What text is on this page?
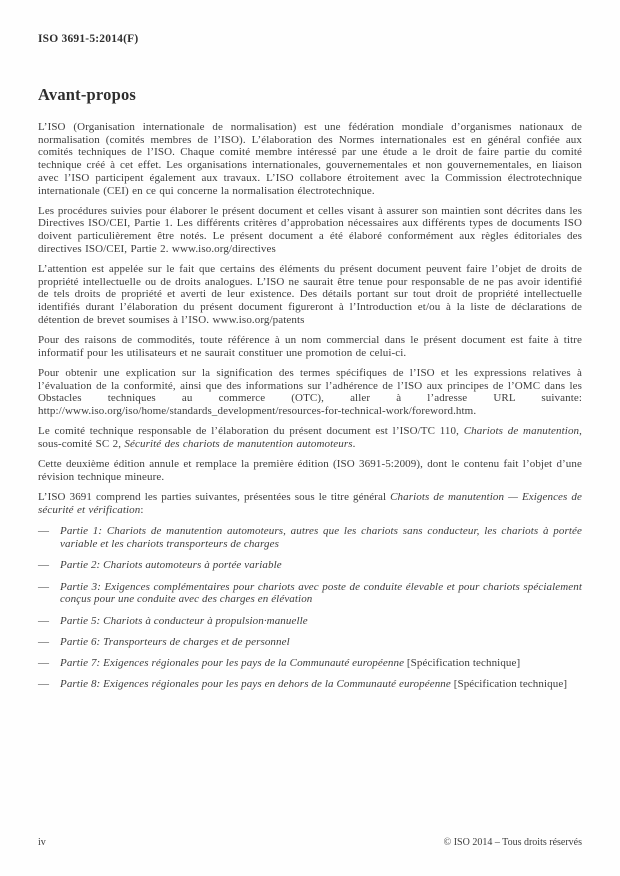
ISO 3691-5:2014(F)
Avant-propos

L’ISO (Organisation internationale de normalisation) est une fédération mondiale d’organismes nationaux de normalisation (comités membres de l’ISO). L’élaboration des Normes internationales est en général confiée aux comités techniques de l’ISO. Chaque comité membre intéressé par une étude a le droit de faire partie du comité technique créé à cet effet. Les organisations internationales, gouvernementales et non gouvernementales, en liaison avec l’ISO participent également aux travaux. L’ISO collabore étroitement avec la Commission électrotechnique internationale (CEI) en ce qui concerne la normalisation électrotechnique.

Les procédures suivies pour élaborer le présent document et celles visant à assurer son maintien sont décrites dans les Directives ISO/CEI, Partie 1. Les différents critères d’approbation nécessaires aux différents types de documents ISO doivent particulièrement être notés. Le présent document a été élaboré conformément aux règles éditoriales des directives ISO/CEI, Partie 2. www.iso.org/directives

L’attention est appelée sur le fait que certains des éléments du présent document peuvent faire l’objet de droits de propriété intellectuelle ou de droits analogues. L’ISO ne saurait être tenue pour responsable de ne pas avoir identifié de tels droits de propriété et averti de leur existence. Des détails portant sur tout droit de propriété intellectuelle identifiés durant l’élaboration du présent document figureront à l’Introduction et/ou à la liste de déclarations de détention de brevet soumises à l’ISO. www.iso.org/patents

Pour des raisons de commodités, toute référence à un nom commercial dans le présent document est faite à titre informatif pour les utilisateurs et ne saurait constituer une promotion de celui-ci.

Pour obtenir une explication sur la signification des termes spécifiques de l’ISO et les expressions relatives à l’évaluation de la conformité, ainsi que des informations sur l’adhérence de l’ISO aux principes de l’OMC dans les Obstacles techniques au commerce (OTC), aller à l’adresse URL suivante: http://www.iso.org/iso/home/standards_development/resources-for-technical-work/foreword.htm.

Le comité technique responsable de l’élaboration du présent document est l’ISO/TC 110, Chariots de manutention, sous-comité SC 2, Sécurité des chariots de manutention automoteurs.

Cette deuxième édition annule et remplace la première édition (ISO 3691-5:2009), dont le contenu fait l’objet d’une révision technique mineure.

L’ISO 3691 comprend les parties suivantes, présentées sous le titre général Chariots de manutention — Exigences de sécurité et vérification:

—	Partie 1: Chariots de manutention automoteurs, autres que les chariots sans conducteur, les chariots à portée variable et les chariots transporteurs de charges
—	Partie 2: Chariots automoteurs à portée variable
—	Partie 3: Exigences complémentaires pour chariots avec poste de conduite élevable et pour chariots spécialement conçus pour une conduite avec des charges en élévation
—	Partie 5: Chariots à conducteur à propulsion·manuelle
—	Partie 6: Transporteurs de charges et de personnel
—	Partie 7: Exigences régionales pour les pays de la Communauté européenne [Spécification technique]
—	Partie 8: Exigences régionales pour les pays en dehors de la Communauté européenne [Spécification technique]
iv	© ISO 2014 – Tous droits réservés
